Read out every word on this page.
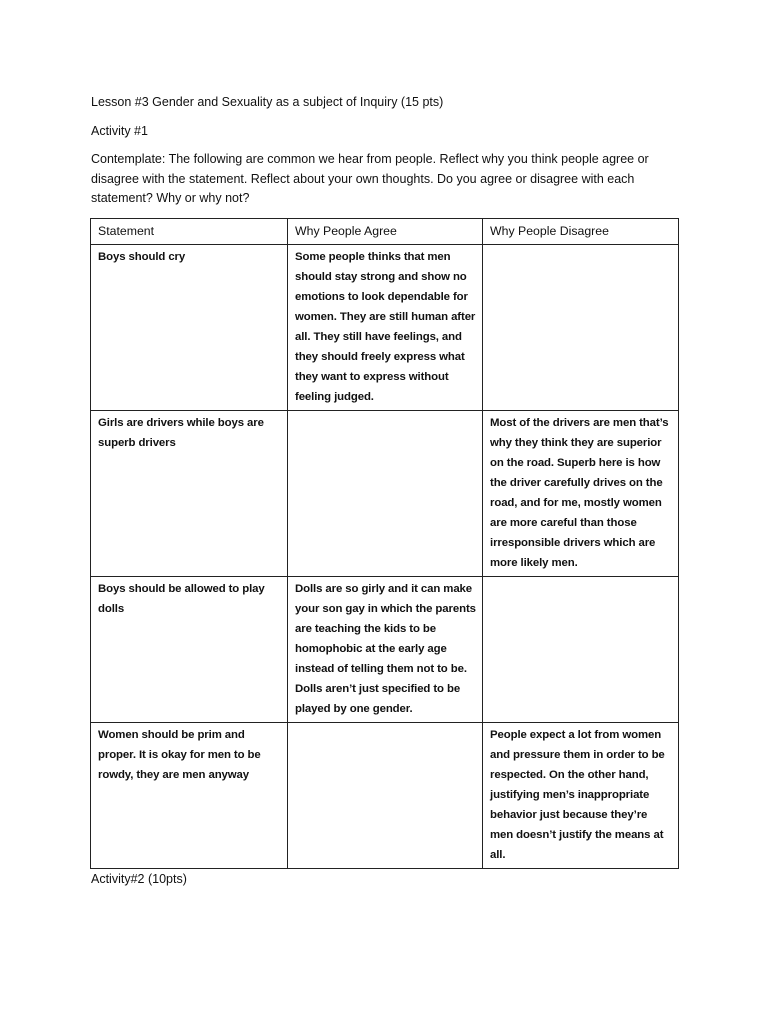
Lesson #3 Gender and Sexuality as a subject of Inquiry (15 pts)
Activity #1
Contemplate: The following are common we hear from people. Reflect why you think people agree or disagree with the statement. Reflect about your own thoughts. Do you agree or disagree with each statement? Why or why not?
Statement	Why People Agree	Why People Disagree
Boys should cry	Some people thinks that men should stay strong and show no emotions to look dependable for women. They are still human after all. They still have feelings, and they should freely express what they want to express without feeling judged.	
Girls are drivers while boys are superb drivers		Most of the drivers are men that’s why they think they are superior on the road. Superb here is how the driver carefully drives on the road, and for me, mostly women are more careful than those irresponsible drivers which are more likely men.
Boys should be allowed to play dolls	Dolls are so girly and it can make your son gay in which the parents are teaching the kids to be homophobic at the early age instead of telling them not to be. Dolls aren’t just specified to be played by one gender.	
Women should be prim and proper. It is okay for men to be rowdy, they are men anyway		People expect a lot from women and pressure them in order to be respected. On the other hand, justifying men’s inappropriate behavior just because they’re men doesn’t justify the means at all.
Activity#2 (10pts)
